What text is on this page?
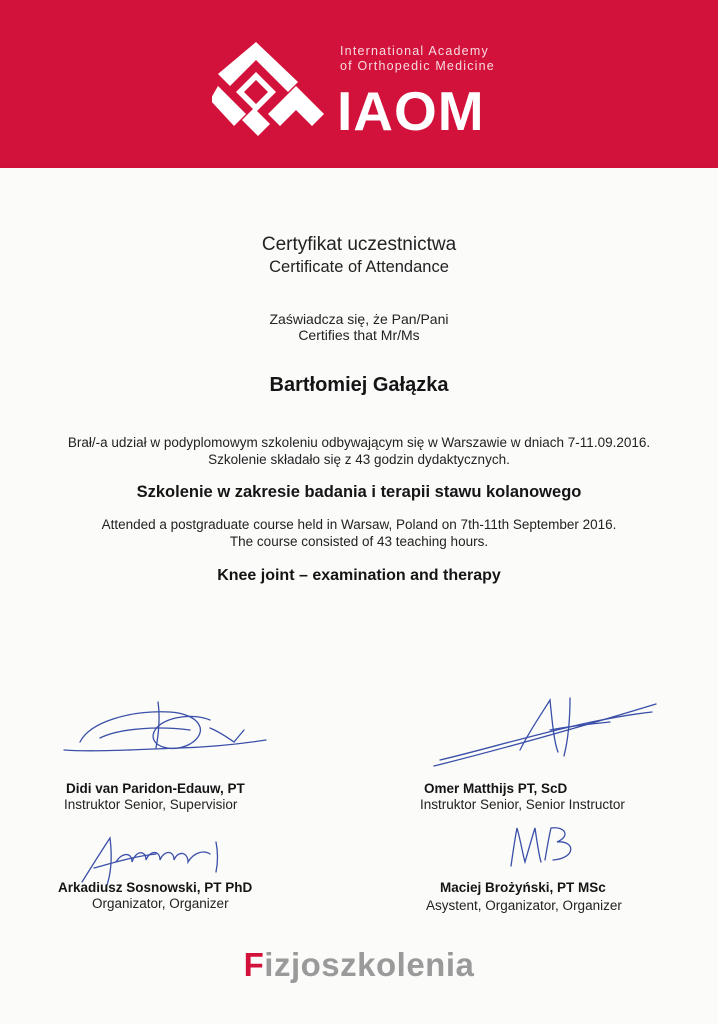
International Academy
of Orthopedic Medicine
IAOM
Certyfikat uczestnictwa
Certificate of Attendance
Zaświadcza się, że Pan/Pani
Certifies that Mr/Ms
Bartłomiej Gałązka
Brał/-a udział w podyplomowym szkoleniu odbywającym się w Warszawie w dniach 7-11.09.2016.
Szkolenie składało się z 43 godzin dydaktycznych.
Szkolenie w zakresie badania i terapii stawu kolanowego
Attended a postgraduate course held in Warsaw, Poland on 7th-11th September 2016.
The course consisted of 43 teaching hours.
Knee joint – examination and therapy
Didi van Paridon-Edauw, PT
Instruktor Senior, Supervisior
Omer Matthijs PT, ScD
Instruktor Senior, Senior Instructor
Arkadiusz Sosnowski, PT PhD
Organizator, Organizer
Maciej Brożyński, PT MSc
Asystent, Organizator, Organizer
Fizjoszkolenia
